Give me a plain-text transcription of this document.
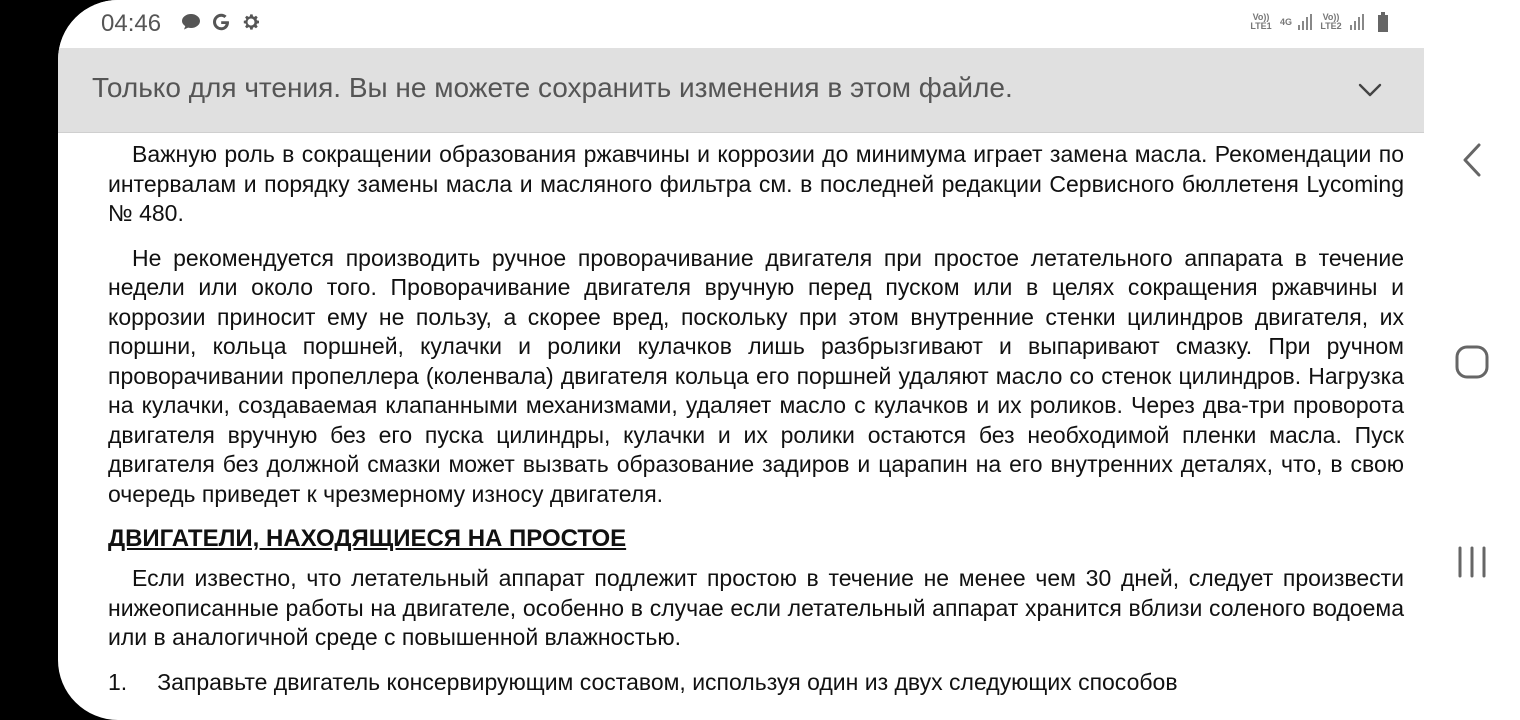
04:46	Vo)) LTE1 4G	Vo)) LTE2
Только для чтения. Вы не можете сохранить изменения в этом файле.

Важную роль в сокращении образования ржавчины и коррозии до минимума играет замена масла. Рекомендации по интервалам и порядку замены масла и масляного фильтра см. в последней редакции Сервисного бюллетеня Lycoming № 480.

Не рекомендуется производить ручное проворачивание двигателя при простое летательного аппарата в течение недели или около того. Проворачивание двигателя вручную перед пуском или в целях сокращения ржавчины и коррозии приносит ему не пользу, а скорее вред, поскольку при этом внутренние стенки цилиндров двигателя, их поршни, кольца поршней, кулачки и ролики кулачков лишь разбрызгивают и выпаривают смазку. При ручном проворачивании пропеллера (коленвала) двигателя кольца его поршней удаляют масло со стенок цилиндров. Нагрузка на кулачки, создаваемая клапанными механизмами, удаляет масло с кулачков и их роликов. Через два-три проворота двигателя вручную без его пуска цилиндры, кулачки и их ролики остаются без необходимой пленки масла. Пуск двигателя без должной смазки может вызвать образование задиров и царапин на его внутренних деталях, что, в свою очередь приведет к чрезмерному износу двигателя.

ДВИГАТЕЛИ, НАХОДЯЩИЕСЯ НА ПРОСТОЕ

Если известно, что летательный аппарат подлежит простою в течение не менее чем 30 дней, следует произвести нижеописанные работы на двигателе, особенно в случае если летательный аппарат хранится вблизи соленого водоема или в аналогичной среде с повышенной влажностью.

1. Заправьте двигатель консервирующим составом, используя один из двух следующих способов
